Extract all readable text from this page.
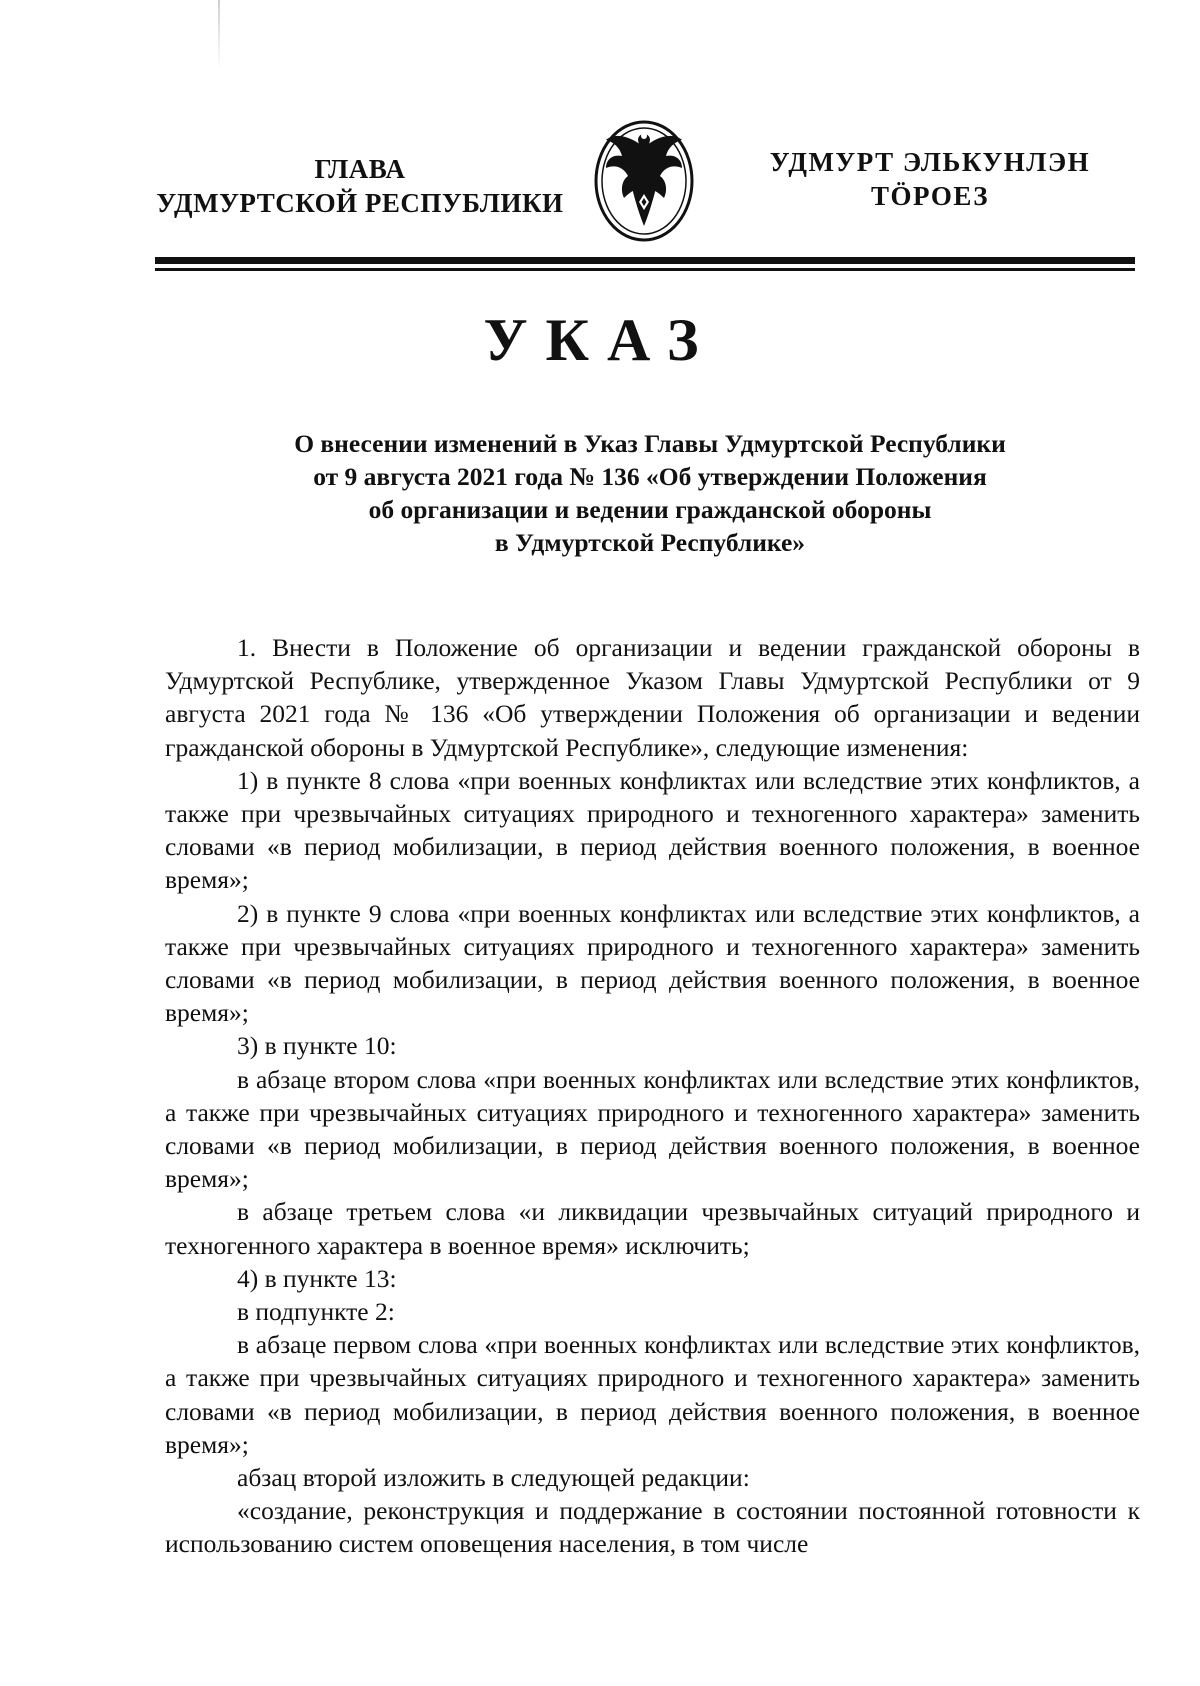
ГЛАВА
УДМУРТСКОЙ РЕСПУБЛИКИ
УДМУРТ ЭЛЬКУНЛЭН
ТӦРОЕЗ
УКАЗ
О внесении изменений в Указ Главы Удмуртской Республики
от 9 августа 2021 года № 136 «Об утверждении Положения
об организации и ведении гражданской обороны
в Удмуртской Республике»

1. Внести в Положение об организации и ведении гражданской обороны в Удмуртской Республике, утвержденное Указом Главы Удмуртской Республики от 9 августа 2021 года № 136 «Об утверждении Положения об организации и ведении гражданской обороны в Удмуртской Республике», следующие изменения:

1) в пункте 8 слова «при военных конфликтах или вследствие этих конфликтов, а также при чрезвычайных ситуациях природного и техногенного характера» заменить словами «в период мобилизации, в период действия военного положения, в военное время»;

2) в пункте 9 слова «при военных конфликтах или вследствие этих конфликтов, а также при чрезвычайных ситуациях природного и техногенного характера» заменить словами «в период мобилизации, в период действия военного положения, в военное время»;

3) в пункте 10:

в абзаце втором слова «при военных конфликтах или вследствие этих конфликтов, а также при чрезвычайных ситуациях природного и техногенного характера» заменить словами «в период мобилизации, в период действия военного положения, в военное время»;

в абзаце третьем слова «и ликвидации чрезвычайных ситуаций природного и техногенного характера в военное время» исключить;

4) в пункте 13:

в подпункте 2:

в абзаце первом слова «при военных конфликтах или вследствие этих конфликтов, а также при чрезвычайных ситуациях природного и техногенного характера» заменить словами «в период мобилизации, в период действия военного положения, в военное время»;

абзац второй изложить в следующей редакции:

«создание, реконструкция и поддержание в состоянии постоянной готовности к использованию систем оповещения населения, в том числе
